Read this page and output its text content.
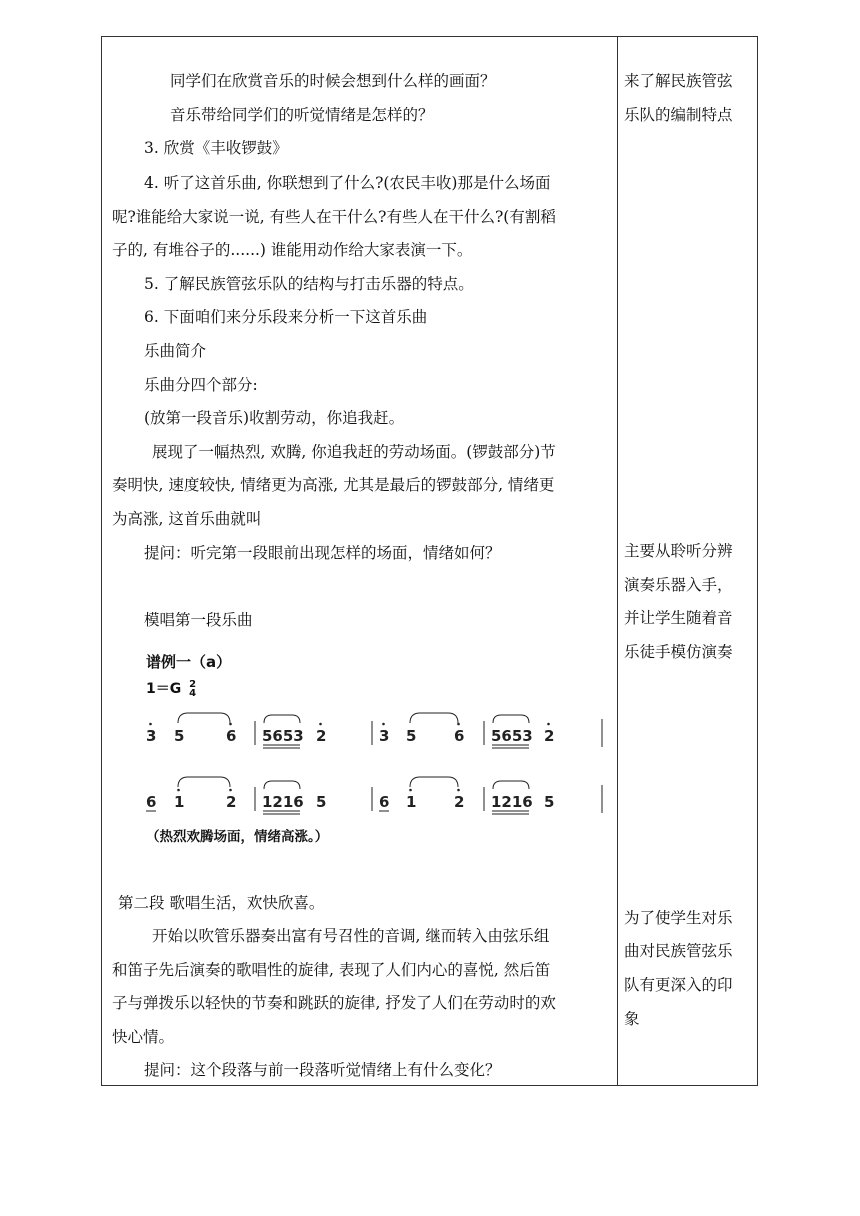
同学们在欣赏音乐的时候会想到什么样的画面？
音乐带给同学们的听觉情绪是怎样的？
3. 欣赏《丰收锣鼓》
4. 听了这首乐曲, 你联想到了什么?(农民丰收)那是什么场面
呢?谁能给大家说一说, 有些人在干什么?有些人在干什么?(有割稻
子的, 有堆谷子的......) 谁能用动作给大家表演一下。
5. 了解民族管弦乐队的结构与打击乐器的特点。
6. 下面咱们来分乐段来分析一下这首乐曲
乐曲简介
乐曲分四个部分:
(放第一段音乐)收割劳动，你追我赶。
展现了一幅热烈, 欢腾, 你追我赶的劳动场面。(锣鼓部分)节
奏明快, 速度较快, 情绪更为高涨, 尤其是最后的锣鼓部分, 情绪更
为高涨, 这首乐曲就叫
提问：听完第一段眼前出现怎样的场面，情绪如何？
模唱第一段乐曲
谱例一（a）
1＝G 2
4
3 5	6 5653 2	3 5	6 5653 2
6 1	2 1216 5	6 1	2 1216 5
（热烈欢腾场面，情绪高涨。）
第二段 歌唱生活，欢快欣喜。
开始以吹管乐器奏出富有号召性的音调, 继而转入由弦乐组
和笛子先后演奏的歌唱性的旋律, 表现了人们内心的喜悦, 然后笛
子与弹拨乐以轻快的节奏和跳跃的旋律, 抒发了人们在劳动时的欢
快心情。
提问：这个段落与前一段落听觉情绪上有什么变化？
来了解民族管弦
乐队的编制特点
主要从聆听分辨
演奏乐器入手，
并让学生随着音
乐徒手模仿演奏
为了使学生对乐
曲对民族管弦乐
队有更深入的印
象
